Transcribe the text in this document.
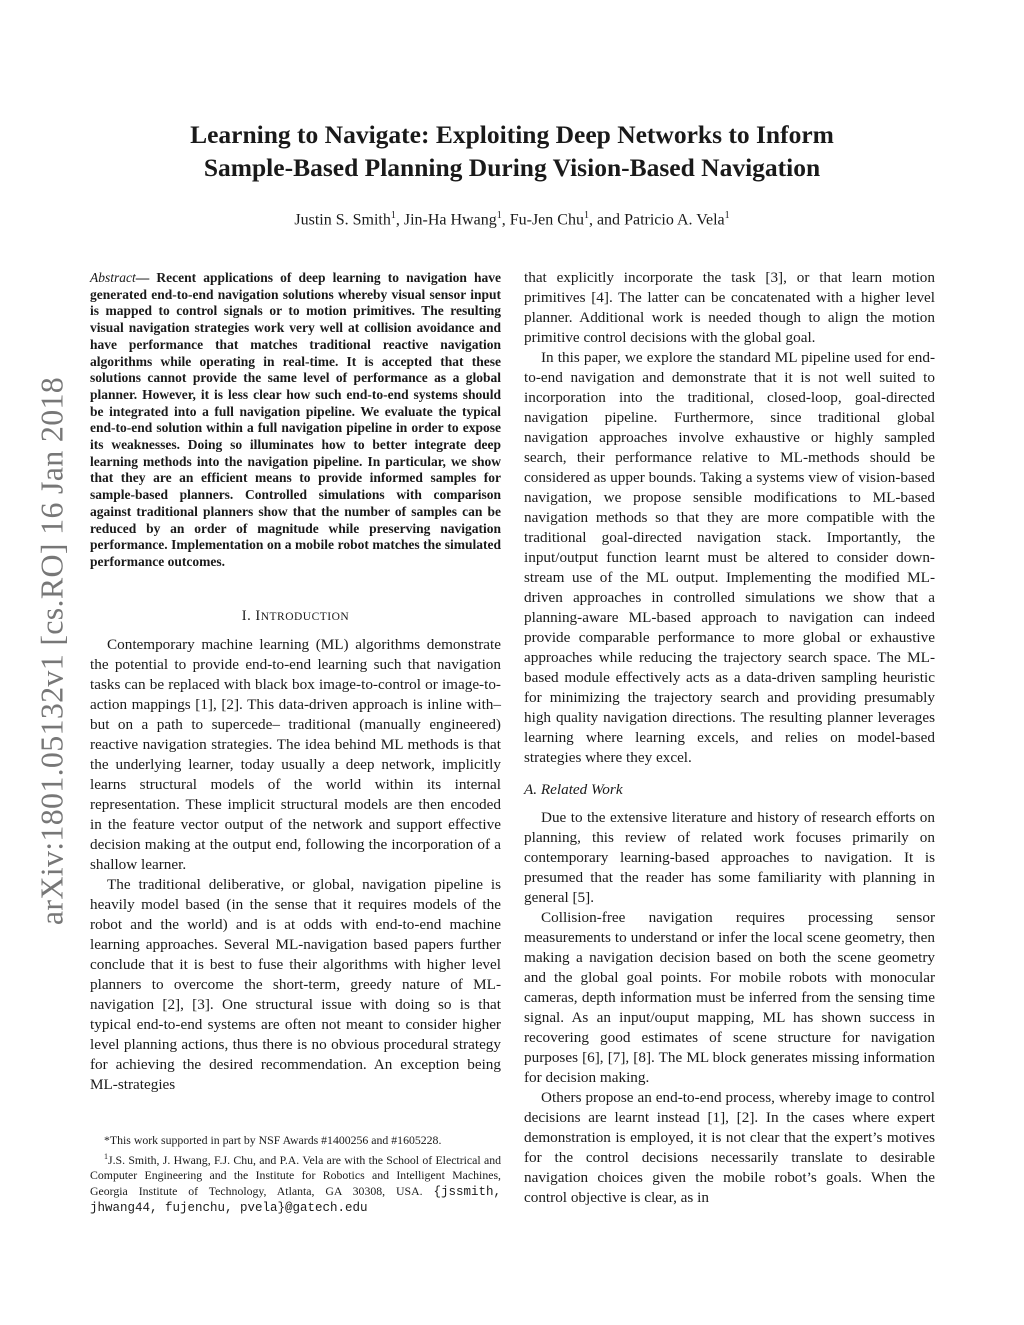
Learning to Navigate: Exploiting Deep Networks to Inform
Sample-Based Planning During Vision-Based Navigation
Justin S. Smith$^1$, Jin-Ha Hwang$^1$, Fu-Jen Chu$^1$, and Patricio A. Vela$^1$
arXiv:1801.05132v1 [cs.RO] 16 Jan 2018
Abstract— Recent applications of deep learning to navigation have generated end-to-end navigation solutions whereby visual sensor input is mapped to control signals or to motion primitives. The resulting visual navigation strategies work very well at collision avoidance and have performance that matches traditional reactive navigation algorithms while operating in real-time. It is accepted that these solutions cannot provide the same level of performance as a global planner. However, it is less clear how such end-to-end systems should be integrated into a full navigation pipeline. We evaluate the typical end-to-end solution within a full navigation pipeline in order to expose its weaknesses. Doing so illuminates how to better integrate deep learning methods into the navigation pipeline. In particular, we show that they are an efficient means to provide informed samples for sample-based planners. Controlled simulations with comparison against traditional planners show that the number of samples can be reduced by an order of magnitude while preserving navigation performance. Implementation on a mobile robot matches the simulated performance outcomes.
I. INTRODUCTION

Contemporary machine learning (ML) algorithms demonstrate the potential to provide end-to-end learning such that navigation tasks can be replaced with black box image-to-control or image-to-action mappings [1], [2]. This data-driven approach is inline with– but on a path to supercede– traditional (manually engineered) reactive navigation strategies. The idea behind ML methods is that the underlying learner, today usually a deep network, implicitly learns structural models of the world within its internal representation. These implicit structural models are then encoded in the feature vector output of the network and support effective decision making at the output end, following the incorporation of a shallow learner.

The traditional deliberative, or global, navigation pipeline is heavily model based (in the sense that it requires models of the robot and the world) and is at odds with end-to-end machine learning approaches. Several ML-navigation based papers further conclude that it is best to fuse their algorithms with higher level planners to overcome the short-term, greedy nature of ML-navigation [2], [3]. One structural issue with doing so is that typical end-to-end systems are often not meant to consider higher level planning actions, thus there is no obvious procedural strategy for achieving the desired recommendation. An exception being ML-strategies

*This work supported in part by NSF Awards #1400256 and #1605228.

$^1$J.S. Smith, J. Hwang, F.J. Chu, and P.A. Vela are with the School of Electrical and Computer Engineering and the Institute for Robotics and Intelligent Machines, Georgia Institute of Technology, Atlanta, GA 30308, USA. {jssmith, jhwang44, fujenchu, pvela}@gatech.edu

that explicitly incorporate the task [3], or that learn motion primitives [4]. The latter can be concatenated with a higher level planner. Additional work is needed though to align the motion primitive control decisions with the global goal.

In this paper, we explore the standard ML pipeline used for end-to-end navigation and demonstrate that it is not well suited to incorporation into the traditional, closed-loop, goal-directed navigation pipeline. Furthermore, since traditional global navigation approaches involve exhaustive or highly sampled search, their performance relative to ML-methods should be considered as upper bounds. Taking a systems view of vision-based navigation, we propose sensible modifications to ML-based navigation methods so that they are more compatible with the traditional goal-directed navigation stack. Importantly, the input/output function learnt must be altered to consider down-stream use of the ML output. Implementing the modified ML-driven approaches in controlled simulations we show that a planning-aware ML-based approach to navigation can indeed provide comparable performance to more global or exhaustive approaches while reducing the trajectory search space. The ML-based module effectively acts as a data-driven sampling heuristic for minimizing the trajectory search and providing presumably high quality navigation directions. The resulting planner leverages learning where learning excels, and relies on model-based strategies where they excel.

A. Related Work

Due to the extensive literature and history of research efforts on planning, this review of related work focuses primarily on contemporary learning-based approaches to navigation. It is presumed that the reader has some familiarity with planning in general [5].

Collision-free navigation requires processing sensor measurements to understand or infer the local scene geometry, then making a navigation decision based on both the scene geometry and the global goal points. For mobile robots with monocular cameras, depth information must be inferred from the sensing time signal. As an input/ouput mapping, ML has shown success in recovering good estimates of scene structure for navigation purposes [6], [7], [8]. The ML block generates missing information for decision making.

Others propose an end-to-end process, whereby image to control decisions are learnt instead [1], [2]. In the cases where expert demonstration is employed, it is not clear that the expert’s motives for the control decisions necessarily translate to desirable navigation choices given the mobile robot’s goals. When the control objective is clear, as in
